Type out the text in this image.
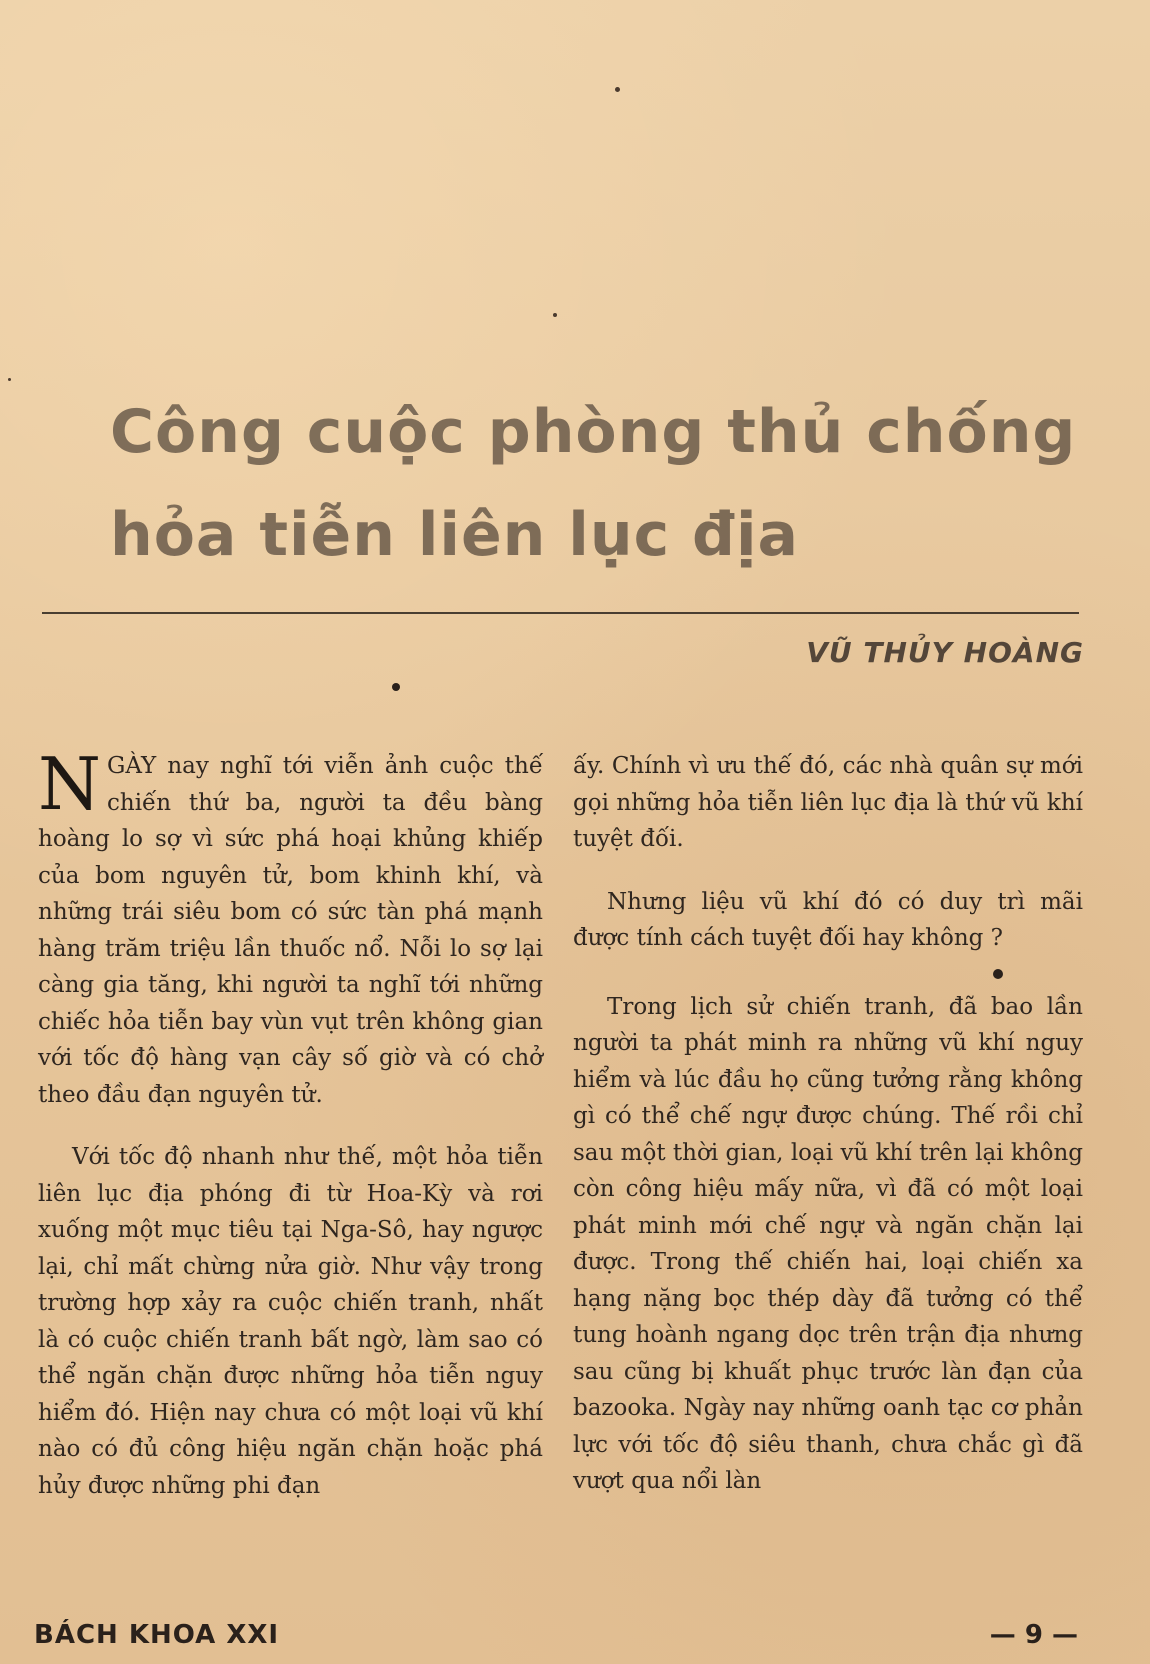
Công cuộc phòng thủ chống
hỏa tiễn liên lục địa
VŨ THỦY HOÀNG

NGÀY nay nghĩ tới viễn ảnh cuộc thế chiến thứ ba, người ta đều bàng hoàng lo sợ vì sức phá hoại khủng khiếp của bom nguyên tử, bom khinh khí, và những trái siêu bom có sức tàn phá mạnh hàng trăm triệu lần thuốc nổ. Nỗi lo sợ lại càng gia tăng, khi người ta nghĩ tới những chiếc hỏa tiễn bay vùn vụt trên không gian với tốc độ hàng vạn cây số giờ và có chở theo đầu đạn nguyên tử.

Với tốc độ nhanh như thế, một hỏa tiễn liên lục địa phóng đi từ Hoa-Kỳ và rơi xuống một mục tiêu tại Nga-Sô, hay ngược lại, chỉ mất chừng nửa giờ. Như vậy trong trường hợp xảy ra cuộc chiến tranh, nhất là có cuộc chiến tranh bất ngờ, làm sao có thể ngăn chặn được những hỏa tiễn nguy hiểm đó. Hiện nay chưa có một loại vũ khí nào có đủ công hiệu ngăn chặn hoặc phá hủy được những phi đạn

ấy. Chính vì ưu thế đó, các nhà quân sự mới gọi những hỏa tiễn liên lục địa là thứ vũ khí tuyệt đối.

Nhưng liệu vũ khí đó có duy trì mãi được tính cách tuyệt đối hay không ?

Trong lịch sử chiến tranh, đã bao lần người ta phát minh ra những vũ khí nguy hiểm và lúc đầu họ cũng tưởng rằng không gì có thể chế ngự được chúng. Thế rồi chỉ sau một thời gian, loại vũ khí trên lại không còn công hiệu mấy nữa, vì đã có một loại phát minh mới chế ngự và ngăn chặn lại được. Trong thế chiến hai, loại chiến xa hạng nặng bọc thép dày đã tưởng có thể tung hoành ngang dọc trên trận địa nhưng sau cũng bị khuất phục trước làn đạn của bazooka. Ngày nay những oanh tạc cơ phản lực với tốc độ siêu thanh, chưa chắc gì đã vượt qua nổi làn

BÁCH KHOA XXI	— 9 —
